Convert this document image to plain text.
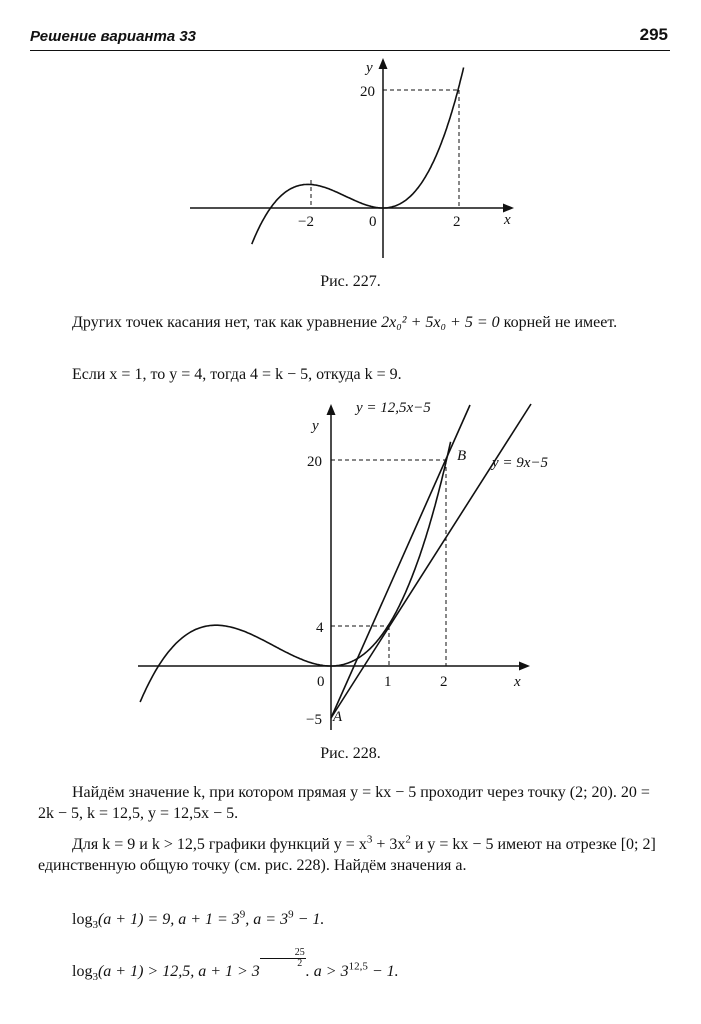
Решение варианта 33	295
y
x
20
−2	0	2
Рис. 227.
Других точек касания нет, так как уравнение 2x₀² + 5x₀ + 5 = 0 корней не имеет.
Если x = 1, то y = 4, тогда 4 = k − 5, откуда k = 9.
y
x
y = 12,5x−5
y = 9x−5
B
A
20
4
−5
0	1	2
Рис. 228.
Найдём значение k, при котором прямая y = kx − 5 проходит через точку (2; 20). 20 = 2k − 5, k = 12,5, y = 12,5x − 5.
Для k = 9 и k > 12,5 графики функций $y = x^3 + 3x^2$ и y = kx − 5 имеют на отрезке [0; 2] единственную общую точку (см. рис. 228). Найдём значения a.
$\log_3(a + 1) = 9$, $a + 1 = 3^9$, $a = 3^9 - 1$.
$\log_3(a + 1) > 12,5$, a + 1 > 3
$\frac{25}{2}$
. $a > 3^{12,5} - 1$.
